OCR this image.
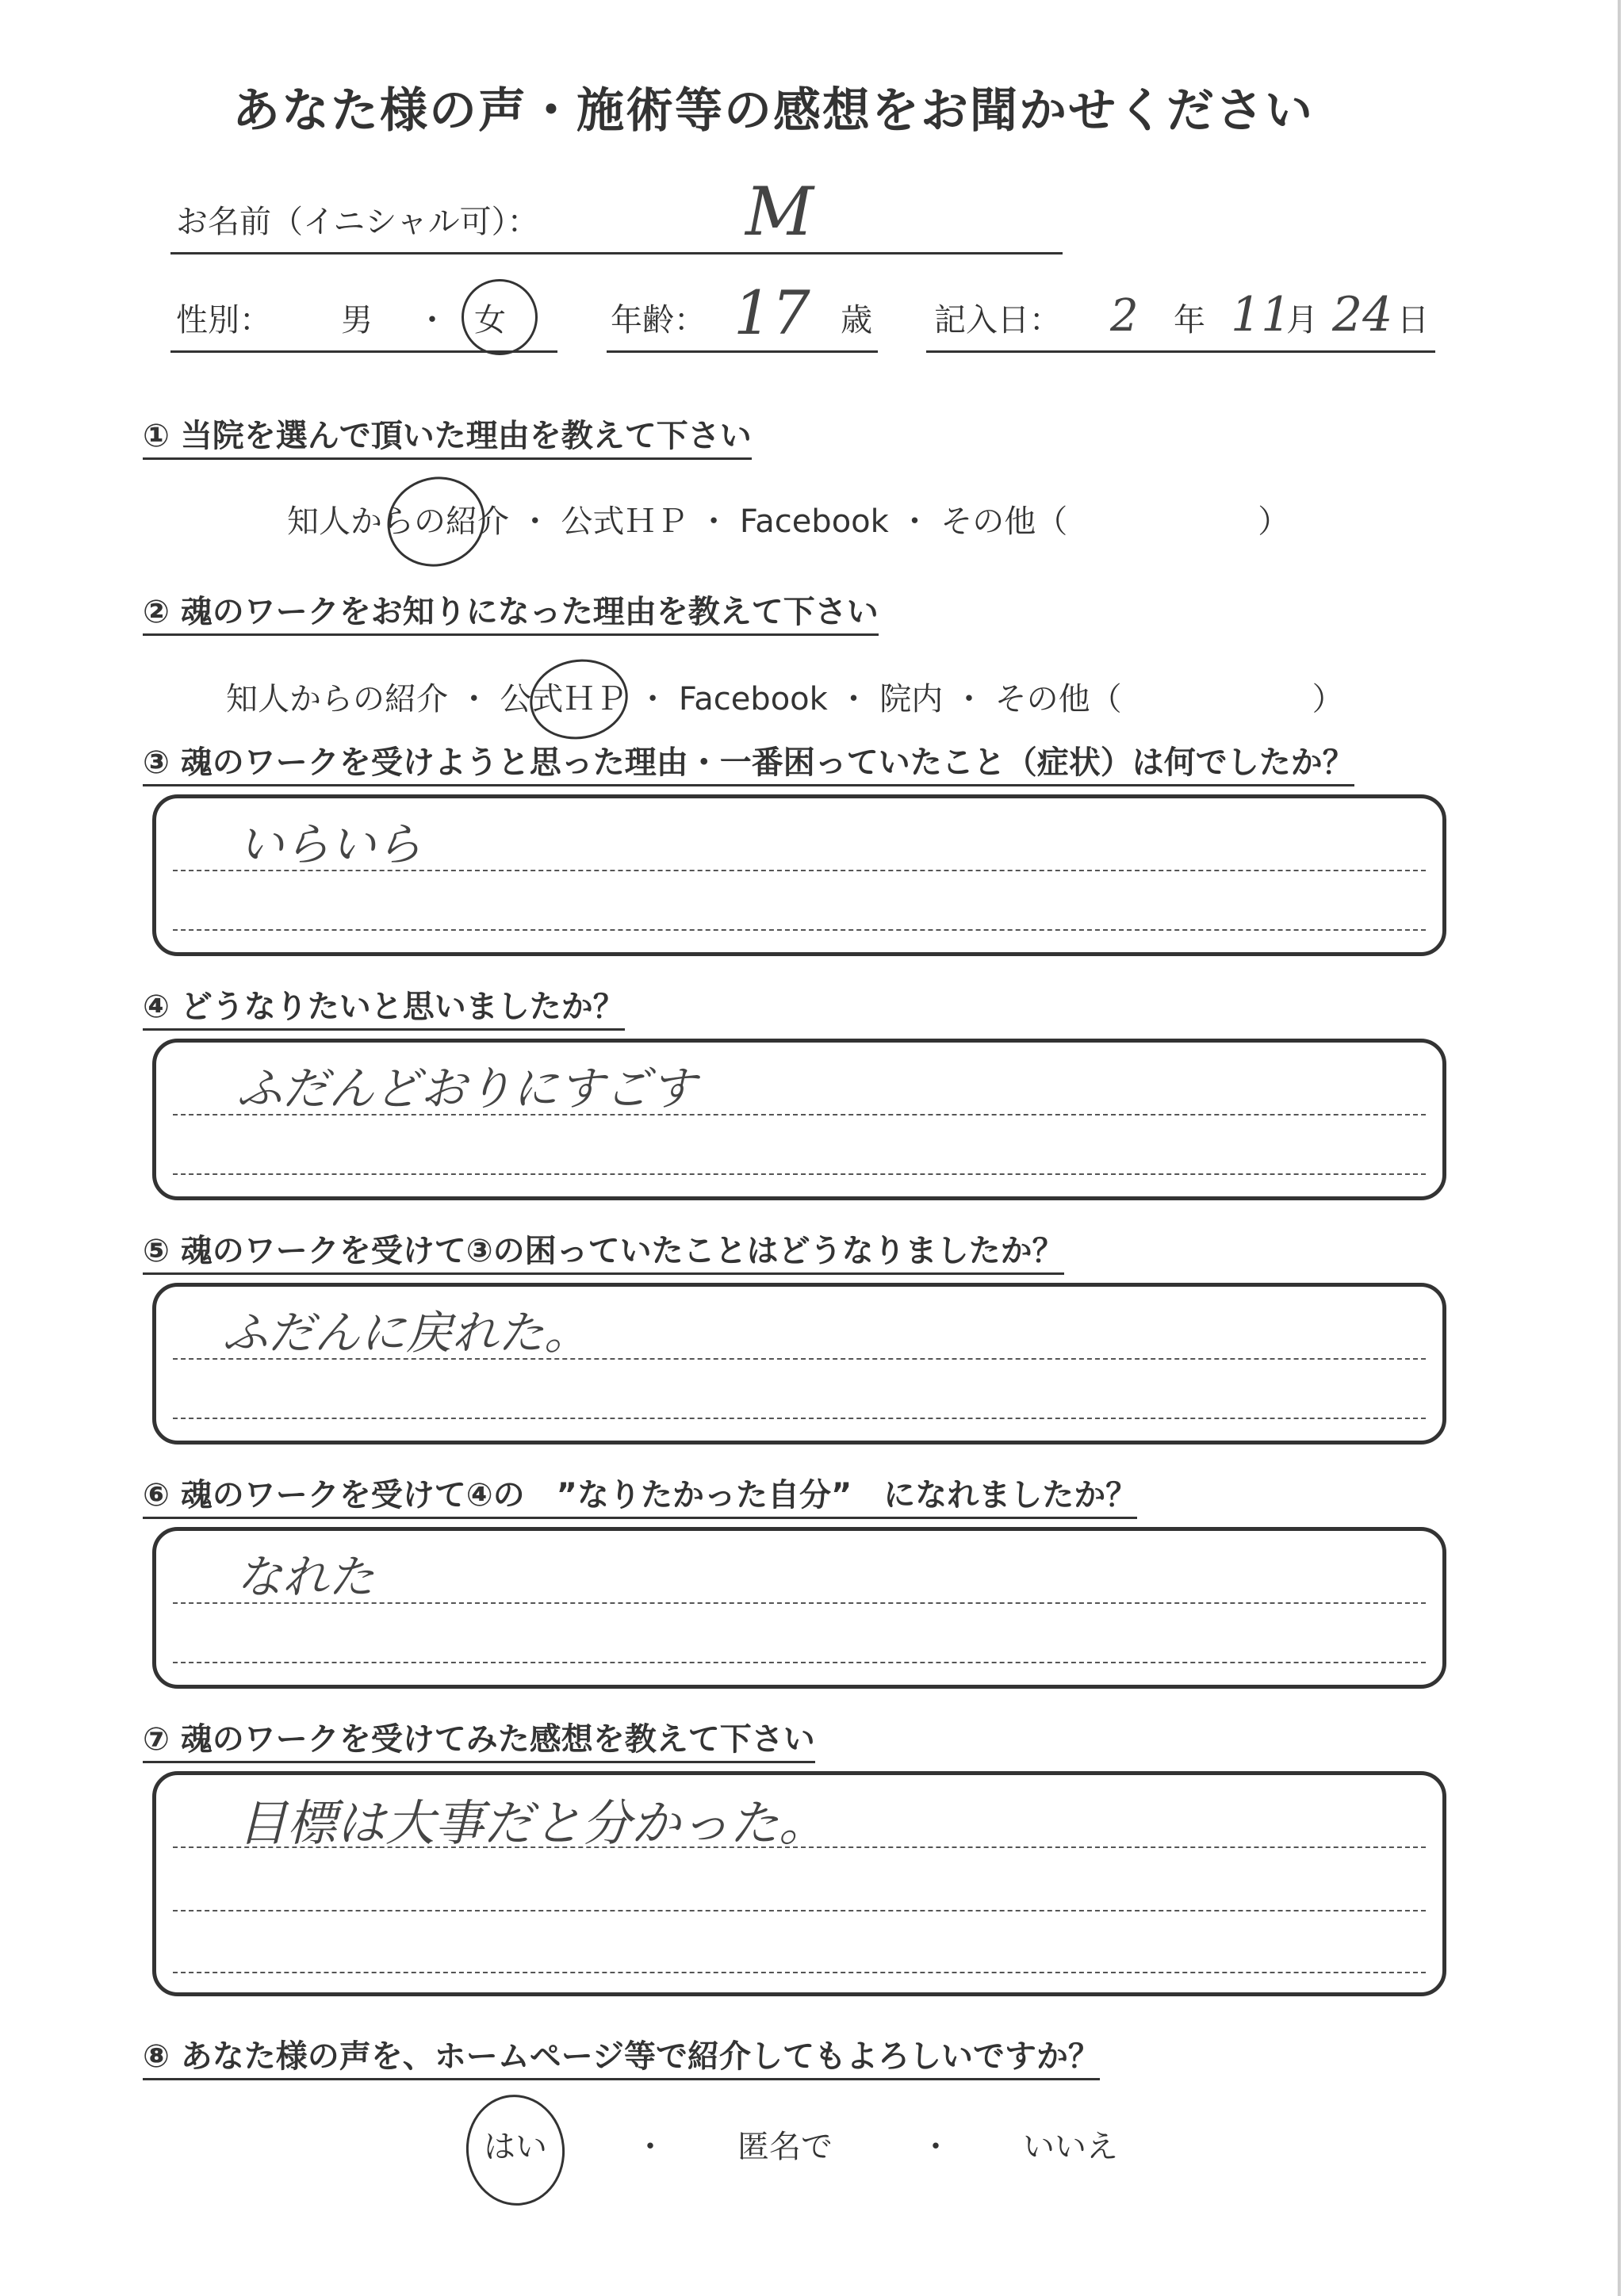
あなた様の声・施術等の感想をお聞かせください
お名前（イニシャル可）：	M
性別： 男 ・ 女	年齢： 17 歳 記入日： 2 年 11
月 24 日
① 当院を選んで頂いた理由を教えて下さい
知人からの紹介 ・ 公式ＨＰ ・ Facebook ・ その他（　　　　　　）
② 魂のワークをお知りになった理由を教えて下さい
知人からの紹介 ・ 公式ＨＰ ・ Facebook ・ 院内 ・ その他（　　　　　　）
③ 魂のワークを受けようと思った理由・一番困っていたこと（症状）は何でしたか？
いらいら
④ どうなりたいと思いましたか？
ふだんどおりにすごす
⑤ 魂のワークを受けて③の困っていたことはどうなりましたか？
ふだんに戻れた。
⑥ 魂のワークを受けて④の　”なりたかった自分”　になれましたか？
なれた
⑦ 魂のワークを受けてみた感想を教えて下さい
目標は大事だと分かった。
⑧ あなた様の声を、ホームページ等で紹介してもよろしいですか？
はい	・ 匿名で	・ いいえ
